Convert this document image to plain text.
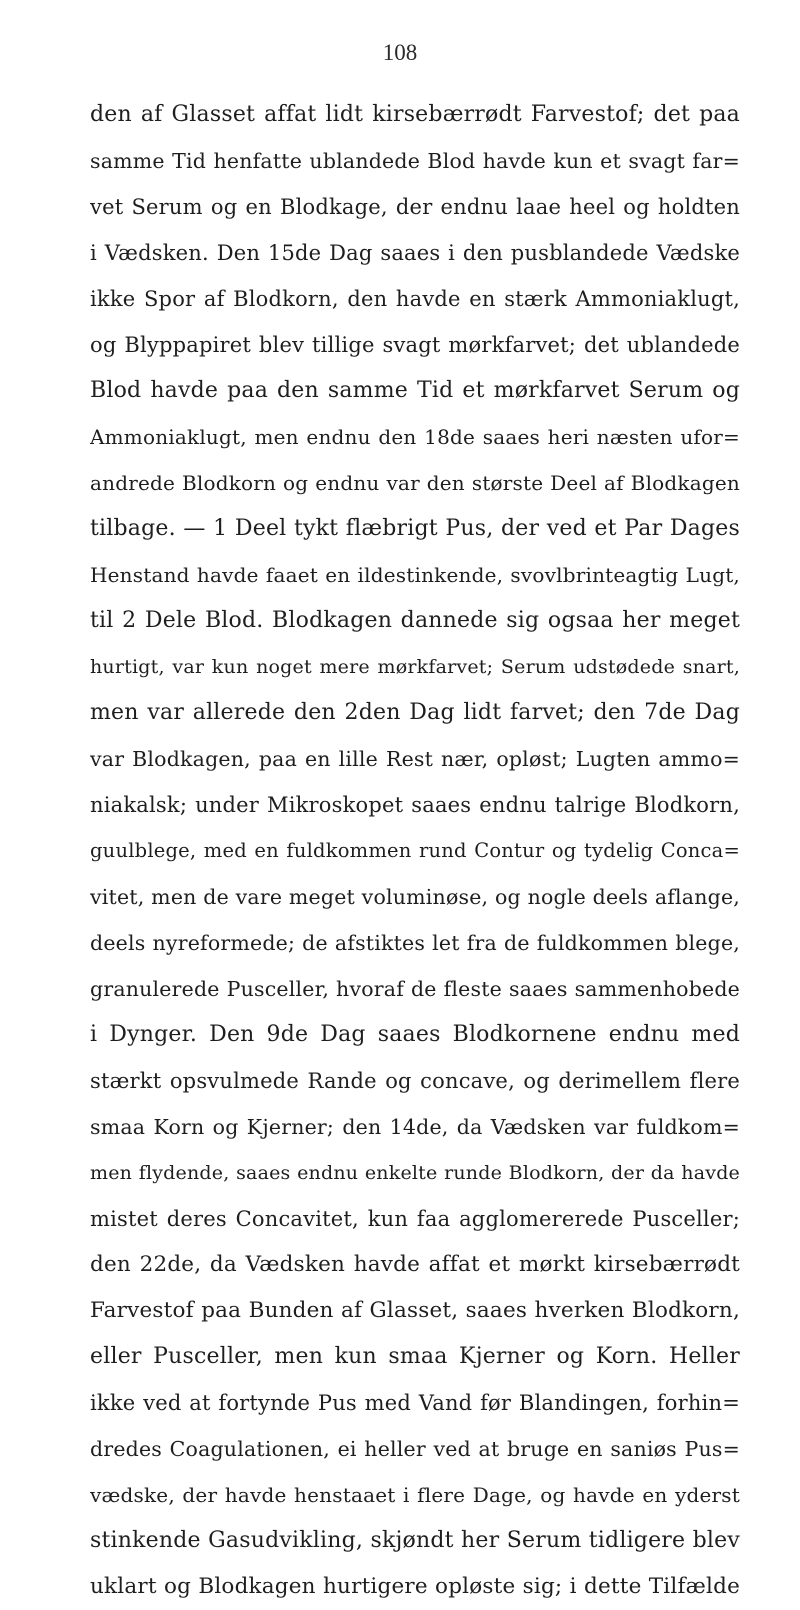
108
den af Glasset affat lidt kirsebærrødt Farvestof; det paa
samme Tid henfatte ublandede Blod havde kun et svagt far=
vet Serum og en Blodkage, der endnu laae heel og holdten
i Vædsken. Den 15de Dag saaes i den pusblandede Vædske
ikke Spor af Blodkorn, den havde en stærk Ammoniaklugt,
og Blyppapiret blev tillige svagt mørkfarvet; det ublandede
Blod havde paa den samme Tid et mørkfarvet Serum og
Ammoniaklugt, men endnu den 18de saaes heri næsten ufor=
andrede Blodkorn og endnu var den største Deel af Blodkagen
tilbage. — 1 Deel tykt flæbrigt Pus, der ved et Par Dages
Henstand havde faaet en ildestinkende, svovlbrinteagtig Lugt,
til 2 Dele Blod. Blodkagen dannede sig ogsaa her meget
hurtigt, var kun noget mere mørkfarvet; Serum udstødede snart,
men var allerede den 2den Dag lidt farvet; den 7de Dag
var Blodkagen, paa en lille Rest nær, opløst; Lugten ammo=
niakalsk; under Mikroskopet saaes endnu talrige Blodkorn,
guulblege, med en fuldkommen rund Contur og tydelig Conca=
vitet, men de vare meget voluminøse, og nogle deels aflange,
deels nyreformede; de afstiktes let fra de fuldkommen blege,
granulerede Puscellеr, hvoraf de fleste saaes sammenhobede
i Dynger. Den 9de Dag saaes Blodkornene endnu med
stærkt opsvulmede Rande og concave, og derimellem flere
smaa Korn og Kjerner; den 14de, da Vædsken var fuldkom=
men flydende, saaes endnu enkelte runde Blodkorn, der da havde
mistet deres Concavitet, kun faa agglomererede Puscellеr;
den 22de, da Vædsken havde affat et mørkt kirsebærrødt
Farvestof paa Bunden af Glasset, saaes hverken Blodkorn,
eller Puscellеr, men kun smaa Kjerner og Korn. Heller
ikke ved at fortynde Pus med Vand før Blandingen, forhin=
dredes Coagulationen, ei heller ved at bruge en saniøs Pus=
vædske, der havde henstaaet i flere Dage, og havde en yderst
stinkende Gasudvikling, skjøndt her Serum tidligere blev
uklart og Blodkagen hurtigere opløste sig; i dette Tilfælde
